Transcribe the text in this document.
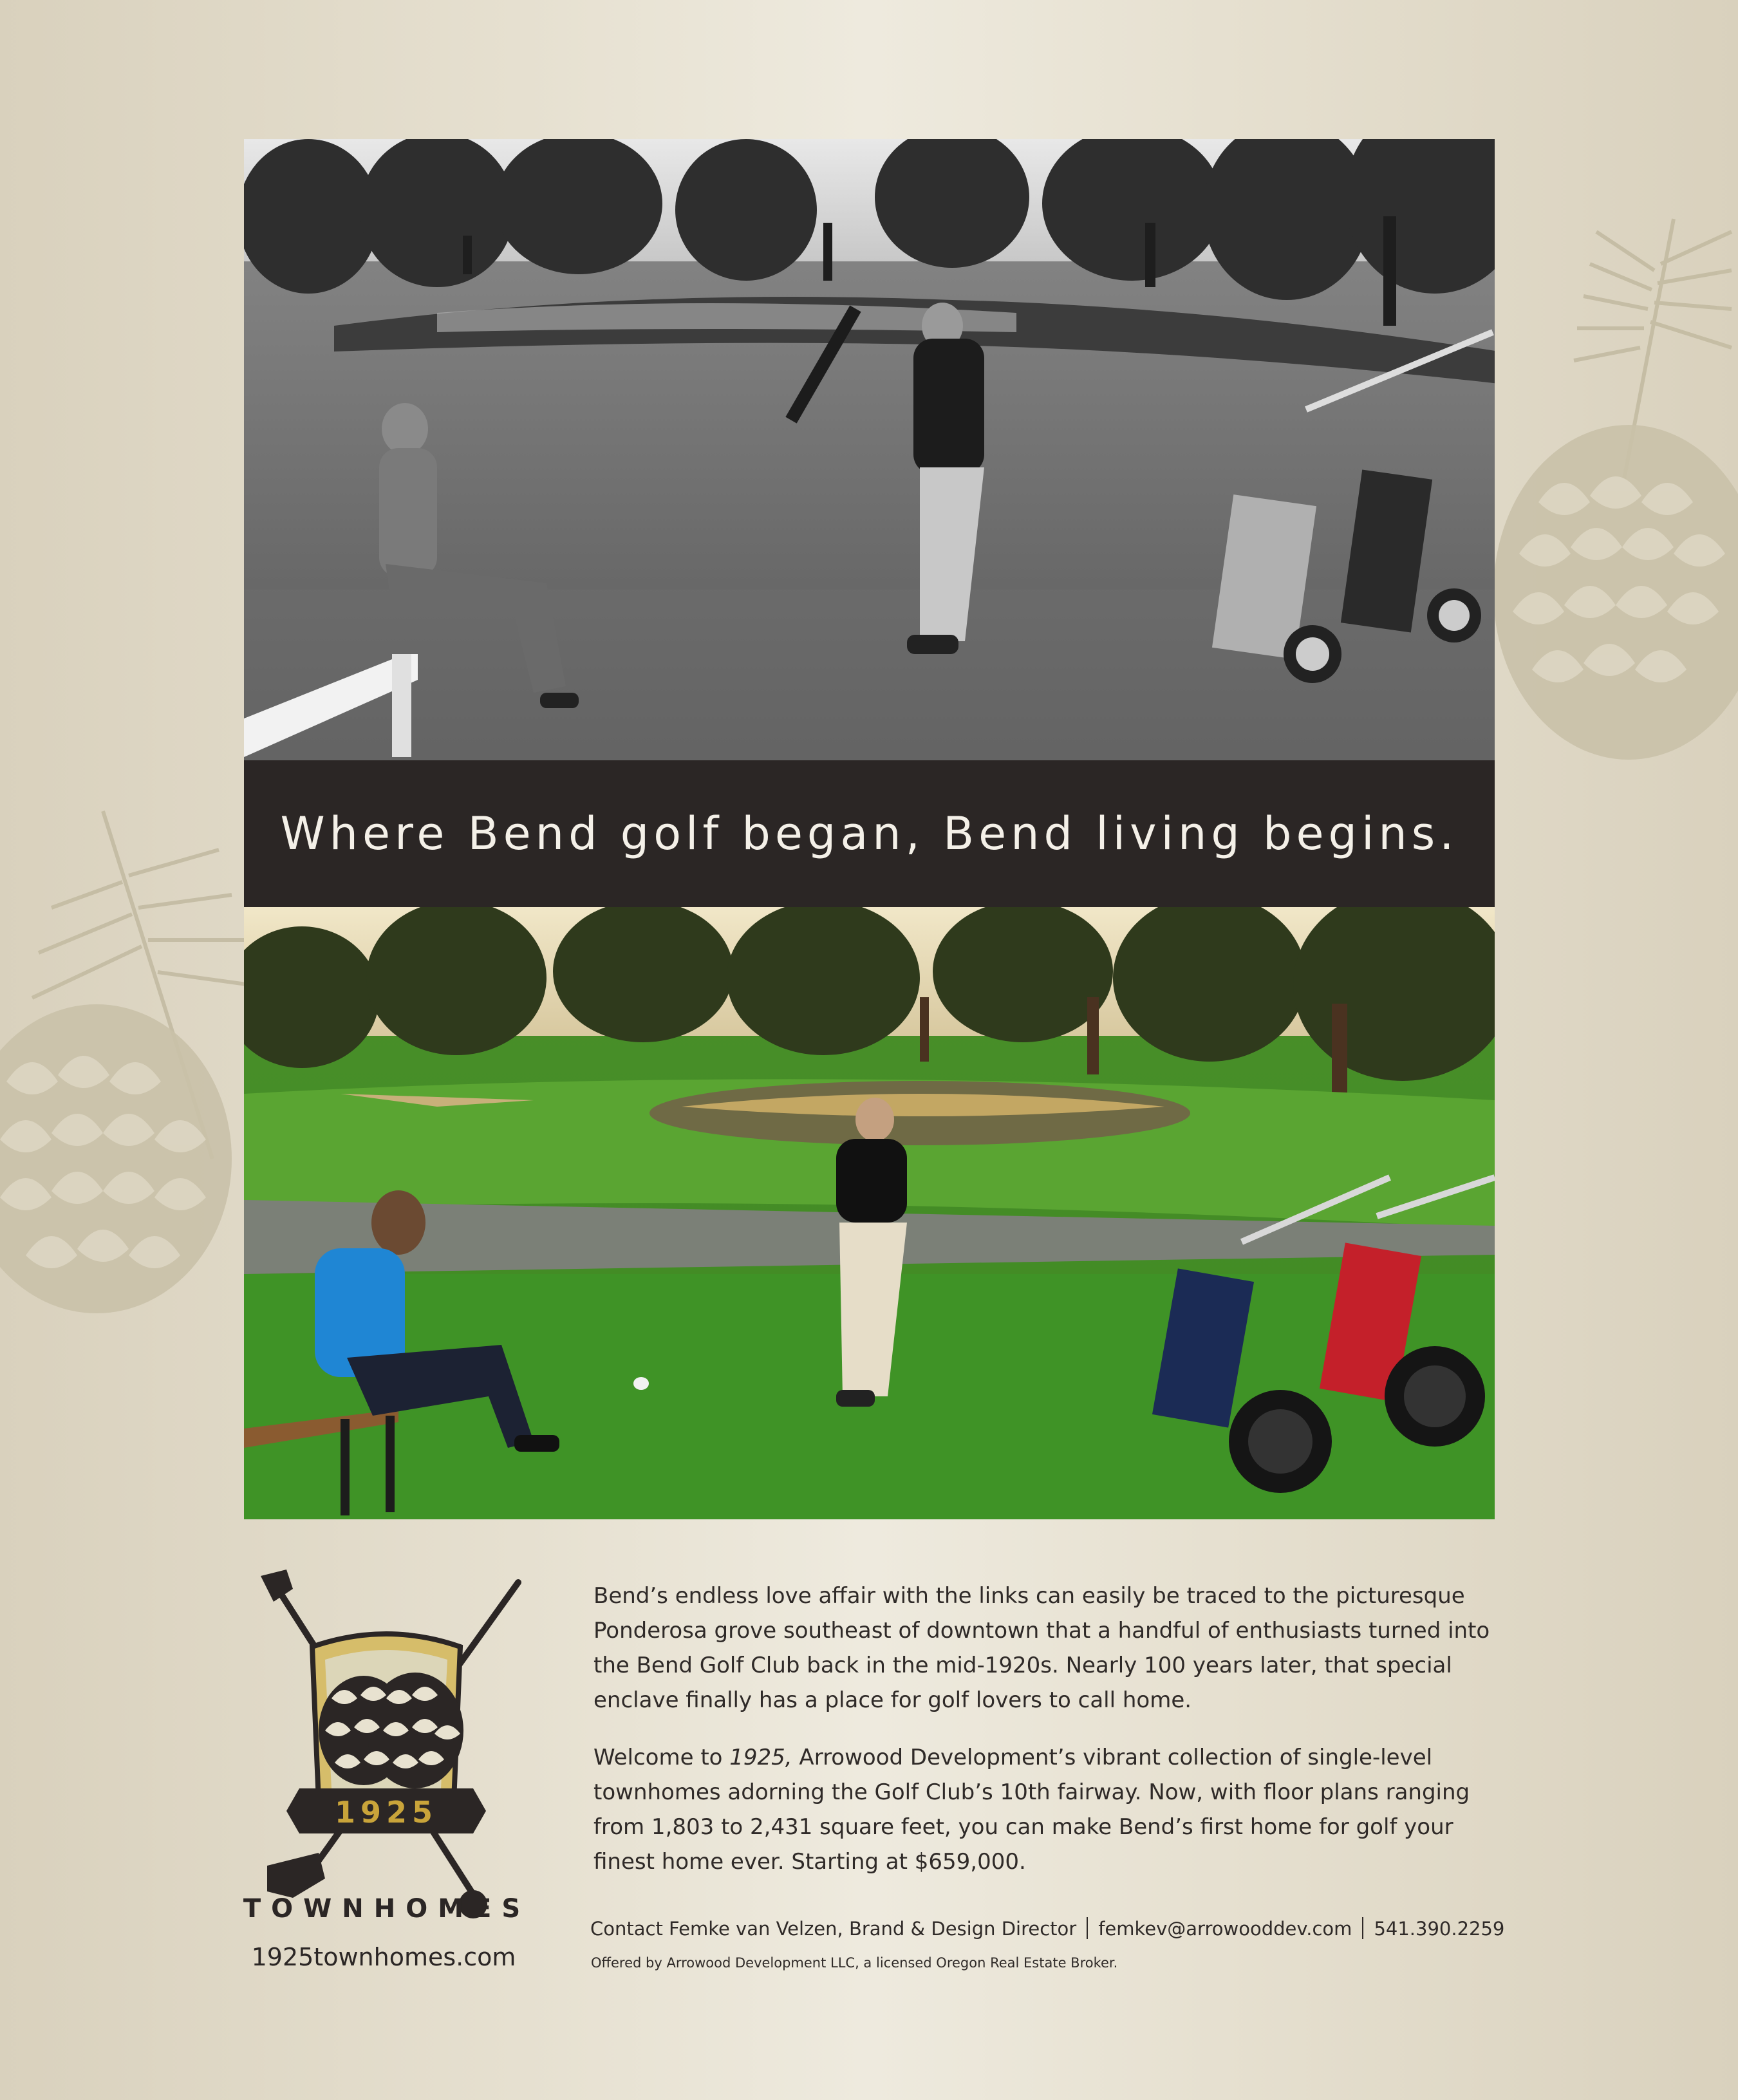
Where Bend golf began, Bend living begins.
1925
TOWNHOMES
1925townhomes.com
Bend’s endless love affair with the links can easily be traced to the picturesque Ponderosa grove southeast of downtown that a handful of enthusiasts turned into the Bend Golf Club back in the mid-1920s. Nearly 100 years later, that special enclave finally has a place for golf lovers to call home.
Welcome to 1925, Arrowood Development’s vibrant collection of single-level townhomes adorning the Golf Club’s 10th fairway. Now, with floor plans ranging from 1,803 to 2,431 square feet, you can make Bend’s first home for golf your finest home ever. Starting at $659,000.
Contact Femke van Velzen, Brand & Design Director femkev@arrowooddev.com 541.390.2259
Offered by Arrowood Development LLC, a licensed Oregon Real Estate Broker.
